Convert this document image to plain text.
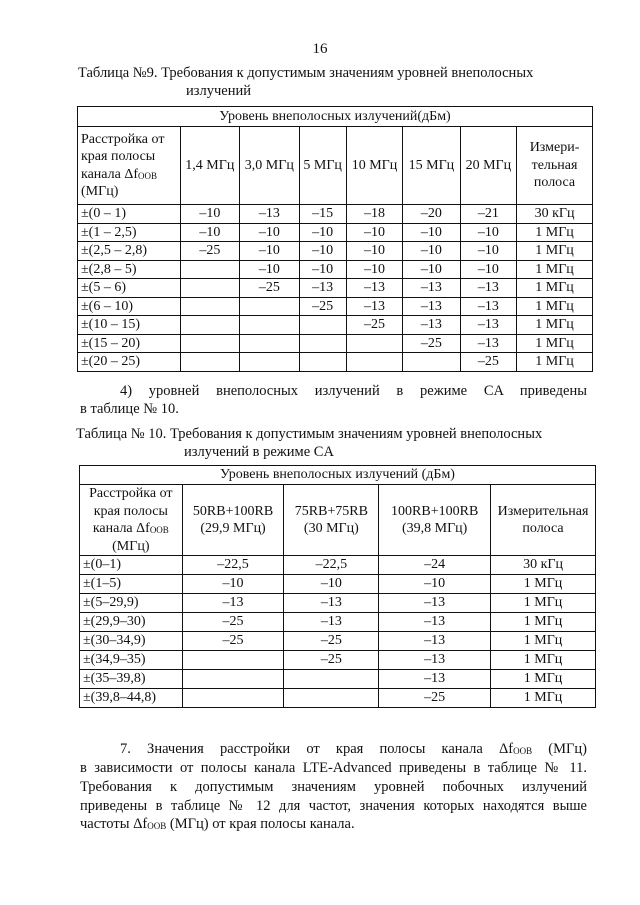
16
Таблица №9. Требования к допустимым значениям уровней внеполосных
излучений
Уровень внеполосных излучений(дБм)							
Расстройка от края полосы канала $\Delta f_{OOB}$ (МГц)	1,4 МГц	3,0 МГц	5 МГц	10 МГц	15 МГц	20 МГц	Измери-тельная полоса
±(0 – 1)	–10	–13	–15	–18	–20	–21	30 кГц
±(1 – 2,5)	–10	–10	–10	–10	–10	–10	1 МГц
±(2,5 – 2,8)	–25	–10	–10	–10	–10	–10	1 МГц
±(2,8 – 5)		–10	–10	–10	–10	–10	1 МГц
±(5 – 6)		–25	–13	–13	–13	–13	1 МГц
±(6 – 10)			–25	–13	–13	–13	1 МГц
±(10 – 15)				–25	–13	–13	1 МГц
±(15 – 20)					–25	–13	1 МГц
±(20 – 25)						–25	1 МГц
4) уровней внеполосных излучений в режиме CA приведены
в таблице № 10.
Таблица № 10. Требования к допустимым значениям уровней внеполосных
излучений в режиме CA
Уровень внеполосных излучений (дБм)				
Расстройка от края полосы канала $\Delta f_{OOB}$ (МГц)	50RB+100RB (29,9 МГц)	75RB+75RB (30 МГц)	100RB+100RB (39,8 МГц)	Измерительная полоса
±(0–1)	–22,5	–22,5	–24	30 кГц
±(1–5)	–10	–10	–10	1 МГц
±(5–29,9)	–13	–13	–13	1 МГц
±(29,9–30)	–25	–13	–13	1 МГц
±(30–34,9)	–25	–25	–13	1 МГц
±(34,9–35)		–25	–13	1 МГц
±(35–39,8)			–13	1 МГц
±(39,8–44,8)			–25	1 МГц
7. Значения расстройки от края полосы канала $\Delta f_{OOB}$ (МГц)
в зависимости от полосы канала LTE-Advanced приведены в таблице № 11.
Требования к допустимым значениям уровней побочных излучений
приведены в таблице № 12 для частот, значения которых находятся выше
частоты $\Delta f_{OOB}$ (МГц) от края полосы канала.
